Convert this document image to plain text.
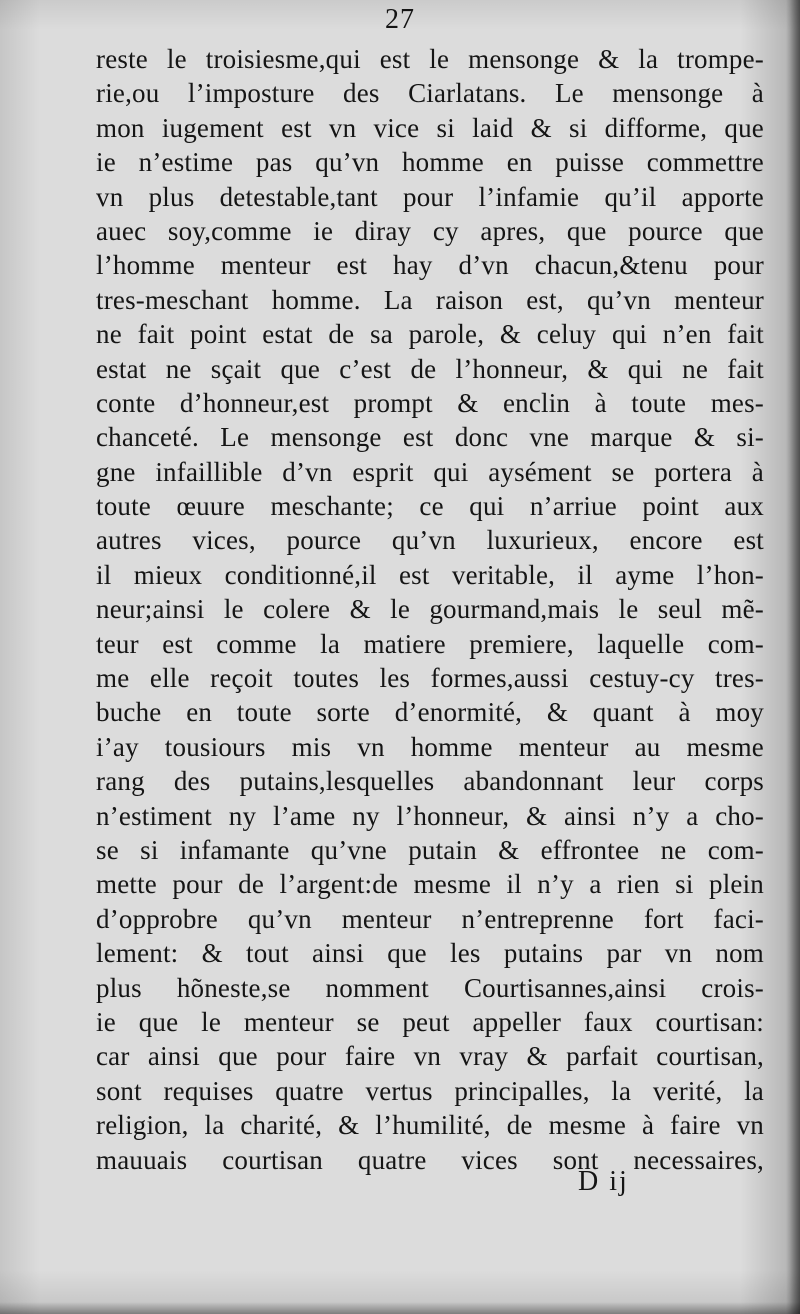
27
reste le troisiesme,qui est le mensonge & la trompe-
rie,ou l’imposture des Ciarlatans. Le mensonge à
mon iugement est vn vice si laid & si difforme, que
ie n’estime pas qu’vn homme en puisse commettre
vn plus detestable,tant pour l’infamie qu’il apporte
auec soy,comme ie diray cy apres, que pource que
l’homme menteur est hay d’vn chacun,&tenu pour
tres-meschant homme. La raison est, qu’vn menteur
ne fait point estat de sa parole, & celuy qui n’en fait
estat ne sçait que c’est de l’honneur, & qui ne fait
conte d’honneur,est prompt & enclin à toute mes-
chanceté. Le mensonge est donc vne marque & si-
gne infaillible d’vn esprit qui aysément se portera à
toute œuure meschante; ce qui n’arriue point aux
autres vices, pource qu’vn luxurieux, encore est
il mieux conditionné,il est veritable, il ayme l’hon-
neur;ainsi le colere & le gourmand,mais le seul mẽ-
teur est comme la matiere premiere, laquelle com-
me elle reçoit toutes les formes,aussi cestuy-cy tres-
buche en toute sorte d’enormité, & quant à moy
i’ay tousiours mis vn homme menteur au mesme
rang des putains,lesquelles abandonnant leur corps
n’estiment ny l’ame ny l’honneur, & ainsi n’y a cho-
se si infamante qu’vne putain & effrontee ne com-
mette pour de l’argent:de mesme il n’y a rien si plein
d’opprobre qu’vn menteur n’entreprenne fort faci-
lement: & tout ainsi que les putains par vn nom
plus hõneste,se nomment Courtisannes,ainsi crois-
ie que le menteur se peut appeller faux courtisan:
car ainsi que pour faire vn vray & parfait courtisan,
sont requises quatre vertus principalles, la verité, la
religion, la charité, & l’humilité, de mesme à faire vn
mauuais courtisan quatre vices sont necessaires,
D ij
